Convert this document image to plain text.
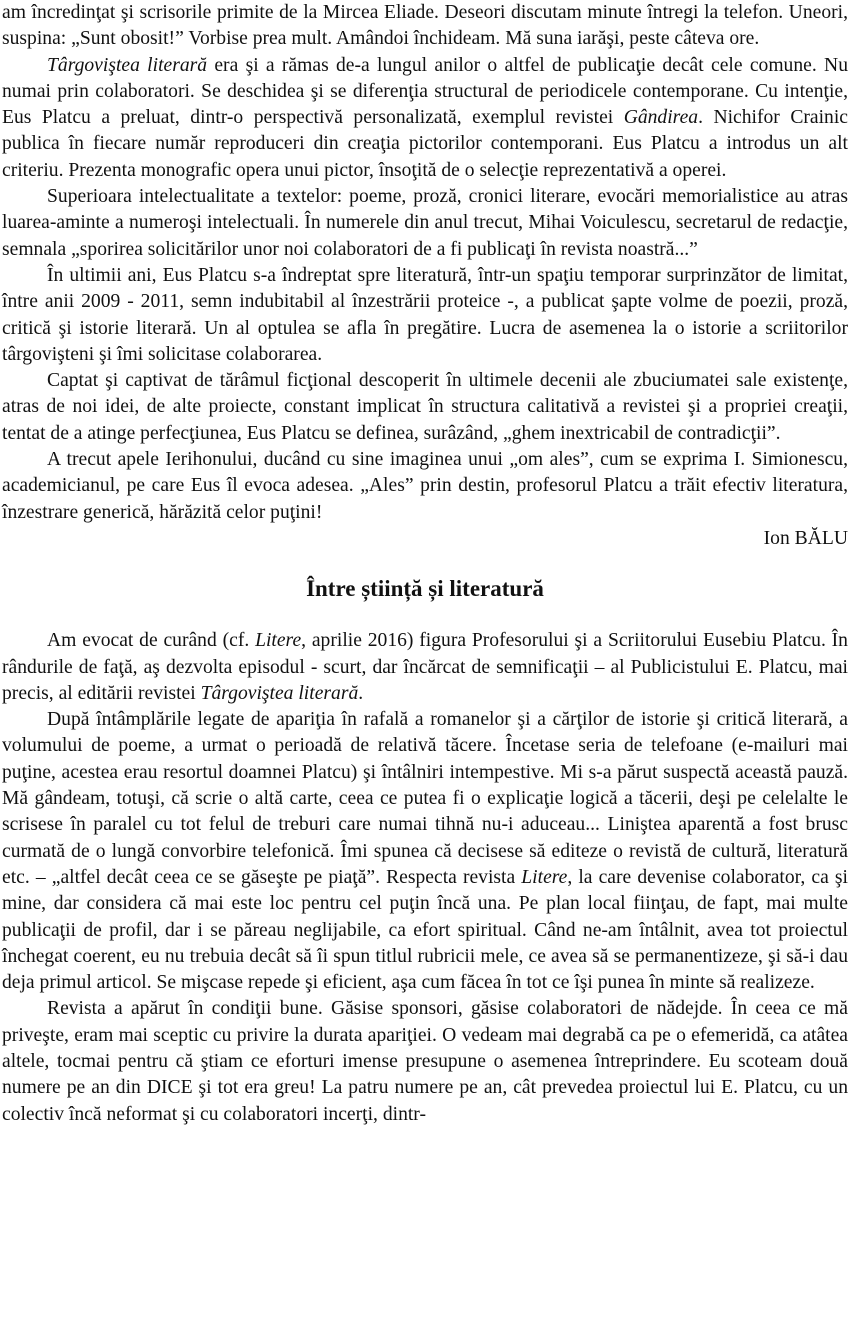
am încredinţat şi scrisorile primite de la Mircea Eliade. Deseori discutam minute întregi la telefon. Uneori, suspina: „Sunt obosit!” Vorbise prea mult. Amândoi închideam. Mă suna iarăşi, peste câteva ore.

Târgoviştea literară era şi a rămas de-a lungul anilor o altfel de publicaţie decât cele comune. Nu numai prin colaboratori. Se deschidea şi se diferenţia structural de periodicele contemporane. Cu intenţie, Eus Platcu a preluat, dintr-o perspectivă personalizată, exemplul revistei Gândirea. Nichifor Crainic publica în fiecare număr reproduceri din creaţia pictorilor contemporani. Eus Platcu a introdus un alt criteriu. Prezenta monografic opera unui pictor, însoţită de o selecţie reprezentativă a operei.

Superioara intelectualitate a textelor: poeme, proză, cronici literare, evocări memorialistice au atras luarea-aminte a numeroşi intelectuali. În numerele din anul trecut, Mihai Voiculescu, secretarul de redacţie, semnala „sporirea solicitărilor unor noi colaboratori de a fi publicaţi în revista noastră...”

În ultimii ani, Eus Platcu s-a îndreptat spre literatură, într-un spaţiu temporar surprinzător de limitat, între anii 2009 - 2011, semn indubitabil al înzestrării proteice -, a publicat şapte volme de poezii, proză, critică şi istorie literară. Un al optulea se afla în pregătire. Lucra de asemenea la o istorie a scriitorilor târgovişteni şi îmi solicitase colaborarea.

Captat şi captivat de tărâmul ficţional descoperit în ultimele decenii ale zbuciumatei sale existenţe, atras de noi idei, de alte proiecte, constant implicat în structura calitativă a revistei şi a propriei creaţii, tentat de a atinge perfecţiunea, Eus Platcu se definea, surâzând, „ghem inextricabil de contradicţii”.

A trecut apele Ierihonului, ducând cu sine imaginea unui „om ales”, cum se exprima I. Simionescu, academicianul, pe care Eus îl evoca adesea. „Ales” prin destin, profesorul Platcu a trăit efectiv literatura, înzestrare generică, hărăzită celor puţini!

Ion BĂLU

Între știință și literatură

Am evocat de curând (cf. Litere, aprilie 2016) figura Profesorului şi a Scriitorului Eusebiu Platcu. În rândurile de faţă, aş dezvolta episodul - scurt, dar încărcat de semnificaţii – al Publicistului E. Platcu, mai precis, al editării revistei Târgoviştea literară.

După întâmplările legate de apariţia în rafală a romanelor şi a cărţilor de istorie şi critică literară, a volumului de poeme, a urmat o perioadă de relativă tăcere. Încetase seria de telefoane (e-mailuri mai puţine, acestea erau resortul doamnei Platcu) şi întâlniri intempestive. Mi s-a părut suspectă această pauză. Mă gândeam, totuşi, că scrie o altă carte, ceea ce putea fi o explicaţie logică a tăcerii, deşi pe celelalte le scrisese în paralel cu tot felul de treburi care numai tihnă nu-i aduceau... Liniştea aparentă a fost brusc curmată de o lungă convorbire telefonică. Îmi spunea că decisese să editeze o revistă de cultură, literatură etc. – „altfel decât ceea ce se găseşte pe piaţă”. Respecta revista Litere, la care devenise colaborator, ca şi mine, dar considera că mai este loc pentru cel puţin încă una. Pe plan local fiinţau, de fapt, mai multe publicaţii de profil, dar i se păreau neglijabile, ca efort spiritual. Când ne-am întâlnit, avea tot proiectul închegat coerent, eu nu trebuia decât să îi spun titlul rubricii mele, ce avea să se permanentizeze, şi să-i dau deja primul articol. Se mişcase repede şi eficient, aşa cum făcea în tot ce îşi punea în minte să realizeze.

Revista a apărut în condiţii bune. Găsise sponsori, găsise colaboratori de nădejde. În ceea ce mă priveşte, eram mai sceptic cu privire la durata apariţiei. O vedeam mai degrabă ca pe o efemeridă, ca atâtea altele, tocmai pentru că ştiam ce eforturi imense presupune o asemenea întreprindere. Eu scoteam două numere pe an din DICE şi tot era greu! La patru numere pe an, cât prevedea proiectul lui E. Platcu, cu un colectiv încă neformat şi cu colaboratori incerţi, dintr-
